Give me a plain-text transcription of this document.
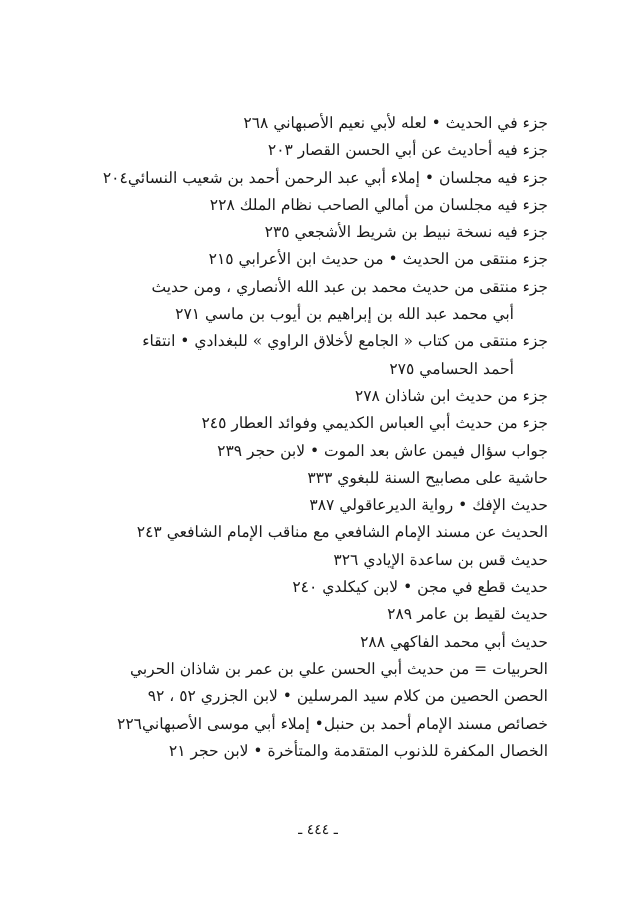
جزء في الحديث • لعله لأبي نعيم الأصبهاني ٢٦٨
جزء فيه أحاديث عن أبي الحسن القصار ٢٠٣
جزء فيه مجلسان • إملاء أبي عبد الرحمن أحمد بن شعيب النسائي٢٠٤
جزء فيه مجلسان من أمالي الصاحب نظام الملك ٢٢٨
جزء فيه نسخة نبيط بن شريط الأشجعي ٢٣٥
جزء منتقى من الحديث • من حديث ابن الأعرابي ٢١٥
جزء منتقى من حديث محمد بن عبد الله الأنصاري ، ومن حديث
أبي محمد عبد الله بن إبراهيم بن أيوب بن ماسي ٢٧١
جزء منتقى من كتاب « الجامع لأخلاق الراوي » للبغدادي • انتقاء
أحمد الحسامي ٢٧٥
جزء من حديث ابن شاذان ٢٧٨
جزء من حديث أبي العباس الكديمي وفوائد العطار ٢٤٥
جواب سؤال فيمن عاش بعد الموت • لابن حجر ٢٣٩
حاشية على مصابيح السنة للبغوي ٣٣٣
حديث الإفك • رواية الديرعاقولي ٣٨٧
الحديث عن مسند الإمام الشافعي مع مناقب الإمام الشافعي ٢٤٣
حديث قس بن ساعدة الإيادي ٣٢٦
حديث قطع في مجن • لابن كيكلدي ٢٤٠
حديث لقيط بن عامر ٢٨٩
حديث أبي محمد الفاكهي ٢٨٨
الحربيات = من حديث أبي الحسن علي بن عمر بن شاذان الحربي
الحصن الحصين من كلام سيد المرسلين • لابن الجزري ٥٢ ، ٩٢
خصائص مسند الإمام أحمد بن حنبل• إملاء أبي موسى الأصبهاني٢٢٦
الخصال المكفرة للذنوب المتقدمة والمتأخرة • لابن حجر ٢١
ـ ٤٤٤ ـ
